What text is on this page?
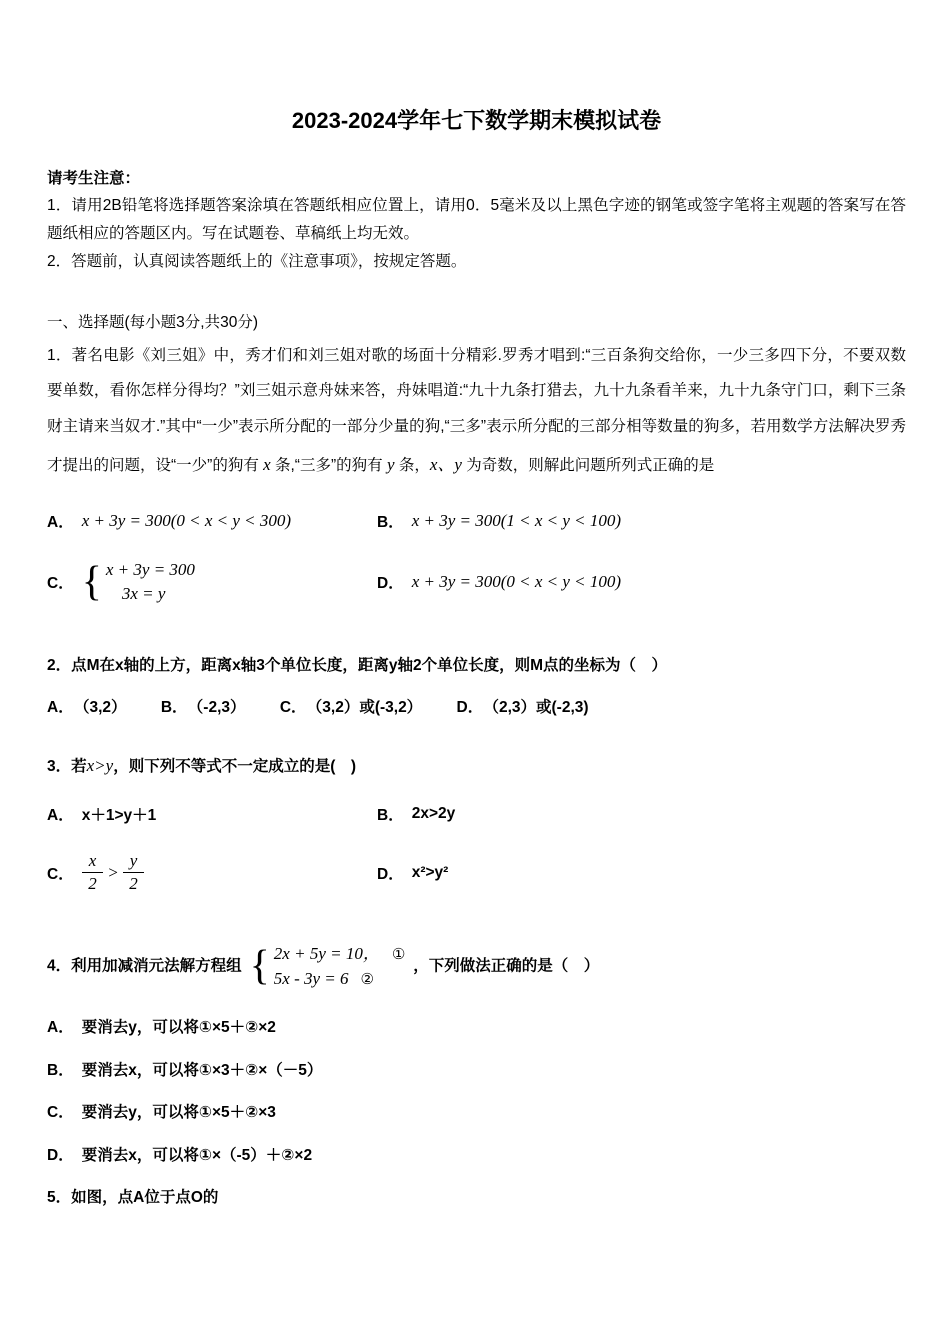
2023-2024学年七下数学期末模拟试卷

请考生注意：

1．请用2B铅笔将选择题答案涂填在答题纸相应位置上，请用0．5毫米及以上黑色字迹的钢笔或签字笔将主观题的答案写在答题纸相应的答题区内。写在试题卷、草稿纸上均无效。

2．答题前，认真阅读答题纸上的《注意事项》，按规定答题。

一、选择题(每小题3分,共30分)

1．著名电影《刘三姐》中，秀才们和刘三姐对歌的场面十分精彩.罗秀才唱到:“三百条狗交给你，一少三多四下分，不要双数要单数，看你怎样分得均？”刘三姐示意舟妹来答，舟妹唱道:“九十九条打猎去，九十九条看羊来，九十九条守门口，剩下三条财主请来当奴才.”其中“一少”表示所分配的一部分少量的狗,“三多”表示所分配的三部分相等数量的狗多，若用数学方法解决罗秀才提出的问题，设“一少”的狗有 x 条,“三多”的狗有 y 条，x、y 为奇数，则解此问题所列式正确的是

A． x + 3y = 300(0 < x < y < 300)	B． x + 3y = 300(1 < x < y < 100)
C． { x + 3y = 300
3x = y
D． x + 3y = 300(0 < x < y < 100)

2．点M在x轴的上方，距离x轴3个单位长度，距离y轴2个单位长度，则M点的坐标为（　）

A． （3,2） B． （-2,3） C． （3,2）或(-3,2） D． （2,3）或(-2,3)

3．若x>y，则下列不等式不一定成立的是(　)

A． x＋1>y＋1	B． 2x>2y
C． $\frac{x}{2} > \frac{y}{2}$	D． x²>y²

4．利用加减消元法解方程组 { 2x + 5y = 10， ①
5x - 3y = 6 ②
，下列做法正确的是（　）

A． 要消去y，可以将①×5＋②×2

B． 要消去x，可以将①×3＋②×（－5）

C． 要消去y，可以将①×5＋②×3

D． 要消去x，可以将①×（-5）＋②×2

5．如图，点A位于点O的
